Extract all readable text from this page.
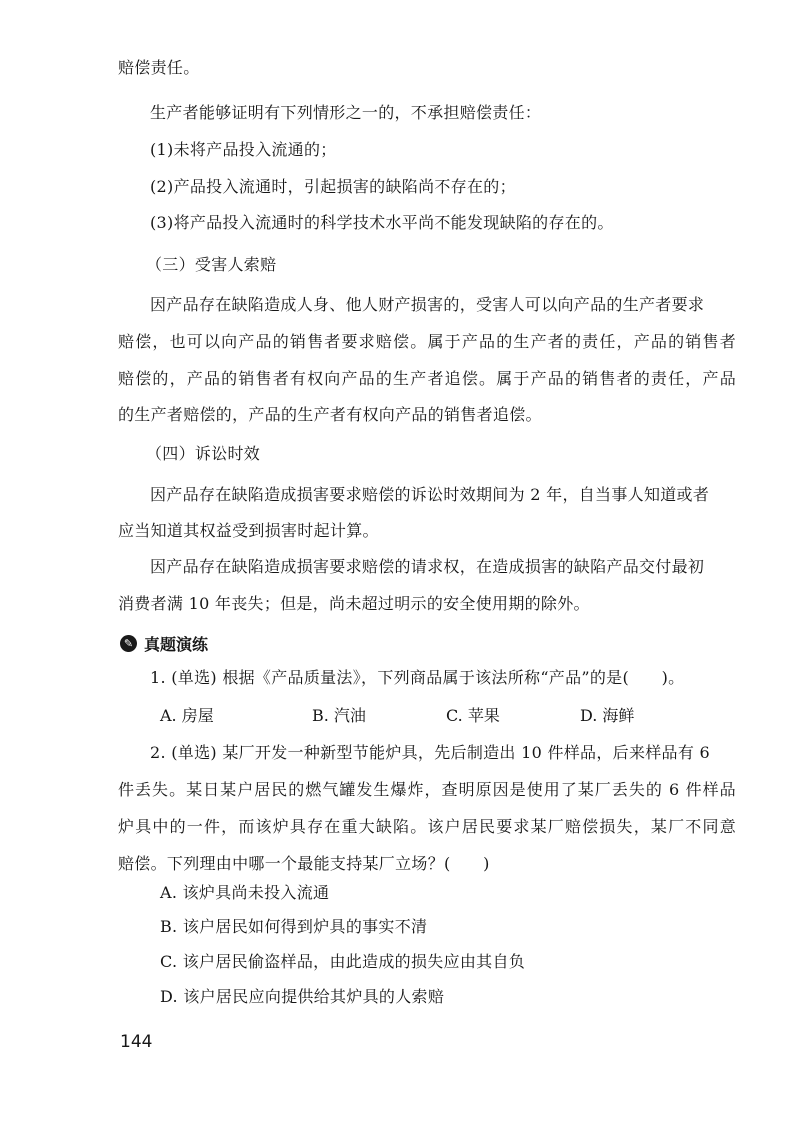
赔偿责任。
生产者能够证明有下列情形之一的，不承担赔偿责任：
(1)未将产品投入流通的；
(2)产品投入流通时，引起损害的缺陷尚不存在的；
(3)将产品投入流通时的科学技术水平尚不能发现缺陷的存在的。
（三）受害人索赔
因产品存在缺陷造成人身、他人财产损害的，受害人可以向产品的生产者要求
赔偿，也可以向产品的销售者要求赔偿。属于产品的生产者的责任，产品的销售者
赔偿的，产品的销售者有权向产品的生产者追偿。属于产品的销售者的责任，产品
的生产者赔偿的，产品的生产者有权向产品的销售者追偿。
（四）诉讼时效
因产品存在缺陷造成损害要求赔偿的诉讼时效期间为 2 年，自当事人知道或者
应当知道其权益受到损害时起计算。
因产品存在缺陷造成损害要求赔偿的请求权，在造成损害的缺陷产品交付最初
消费者满 10 年丧失；但是，尚未超过明示的安全使用期的除外。
✎ 真题演练
1. (单选) 根据《产品质量法》，下列商品属于该法所称“产品”的是(　　)。
A. 房屋	B. 汽油	C. 苹果	D. 海鲜
2. (单选) 某厂开发一种新型节能炉具，先后制造出 10 件样品，后来样品有 6
件丢失。某日某户居民的燃气罐发生爆炸，查明原因是使用了某厂丢失的 6 件样品
炉具中的一件，而该炉具存在重大缺陷。该户居民要求某厂赔偿损失，某厂不同意
赔偿。下列理由中哪一个最能支持某厂立场？(　　)
A. 该炉具尚未投入流通
B. 该户居民如何得到炉具的事实不清
C. 该户居民偷盗样品，由此造成的损失应由其自负
D. 该户居民应向提供给其炉具的人索赔
144
